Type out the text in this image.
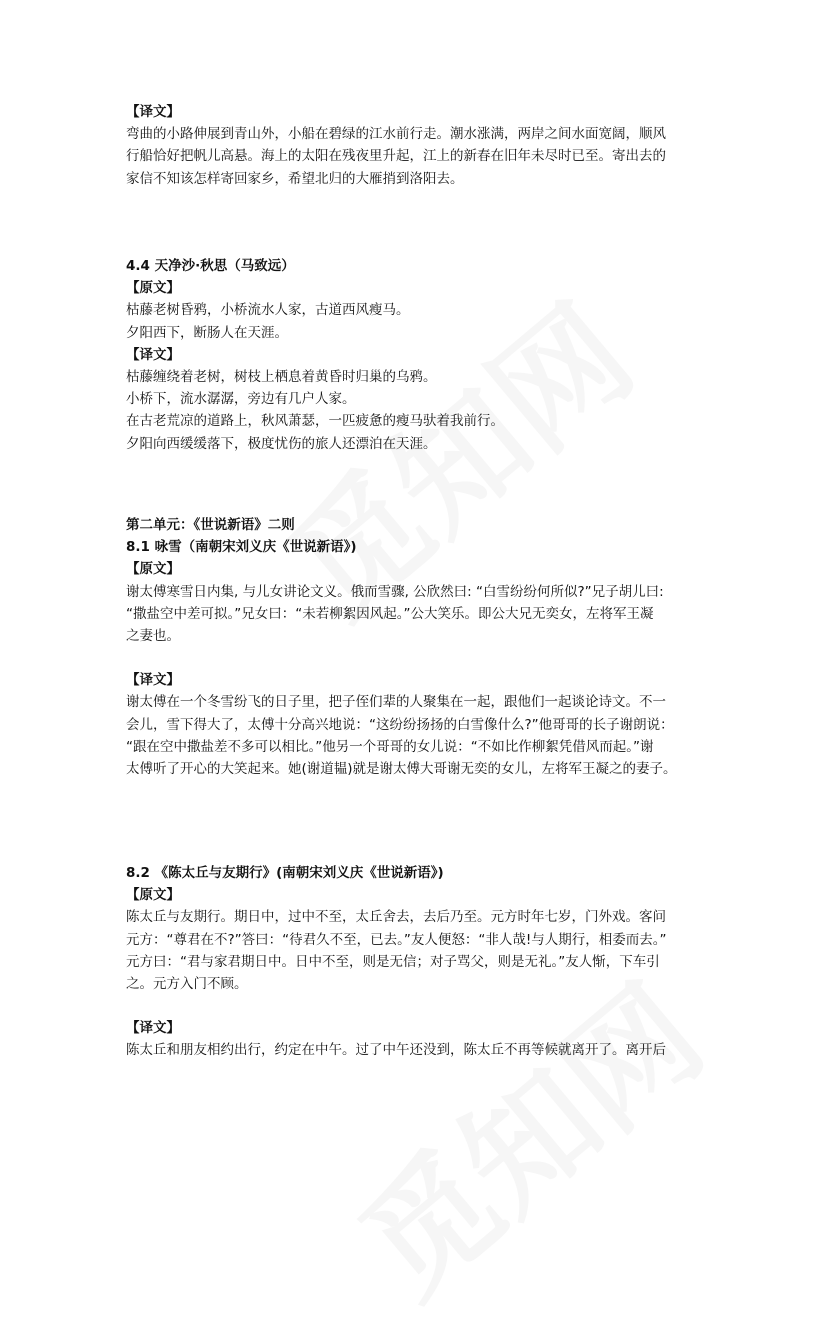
【译文】
弯曲的小路伸展到青山外，小船在碧绿的江水前行走。潮水涨满，两岸之间水面宽阔，顺风
行船恰好把帆儿高悬。海上的太阳在残夜里升起，江上的新春在旧年未尽时已至。寄出去的
家信不知该怎样寄回家乡，希望北归的大雁捎到洛阳去。
4.4 天净沙·秋思（马致远）
【原文】
枯藤老树昏鸦，小桥流水人家，古道西风瘦马。
夕阳西下，断肠人在天涯。
【译文】
枯藤缠绕着老树，树枝上栖息着黄昏时归巢的乌鸦。
小桥下，流水潺潺，旁边有几户人家。
在古老荒凉的道路上，秋风萧瑟，一匹疲惫的瘦马驮着我前行。
夕阳向西缓缓落下，极度忧伤的旅人还漂泊在天涯。
第二单元：《世说新语》二则
8.1 咏雪（南朝宋刘义庆《世说新语》)
【原文】
谢太傅寒雪日内集, 与儿女讲论文义。俄而雪骤, 公欣然曰: “白雪纷纷何所似?”兄子胡儿曰:
“撒盐空中差可拟。”兄女曰：“未若柳絮因风起。”公大笑乐。即公大兄无奕女，左将军王凝
之妻也。
【译文】
谢太傅在一个冬雪纷飞的日子里，把子侄们辈的人聚集在一起，跟他们一起谈论诗文。不一
会儿，雪下得大了，太傅十分高兴地说：“这纷纷扬扬的白雪像什么?”他哥哥的长子谢朗说：
“跟在空中撒盐差不多可以相比。”他另一个哥哥的女儿说：“不如比作柳絮凭借风而起。”谢
太傅听了开心的大笑起来。她(谢道韫)就是谢太傅大哥谢无奕的女儿，左将军王凝之的妻子。
8.2 《陈太丘与友期行》(南朝宋刘义庆《世说新语》)
【原文】
陈太丘与友期行。期日中，过中不至，太丘舍去，去后乃至。元方时年七岁，门外戏。客问
元方：“尊君在不?”答曰：“待君久不至，已去。”友人便怒：“非人哉!与人期行，相委而去。”
元方曰：“君与家君期日中。日中不至，则是无信；对子骂父，则是无礼。”友人惭，下车引
之。元方入门不顾。
【译文】
陈太丘和朋友相约出行，约定在中午。过了中午还没到，陈太丘不再等候就离开了。离开后
